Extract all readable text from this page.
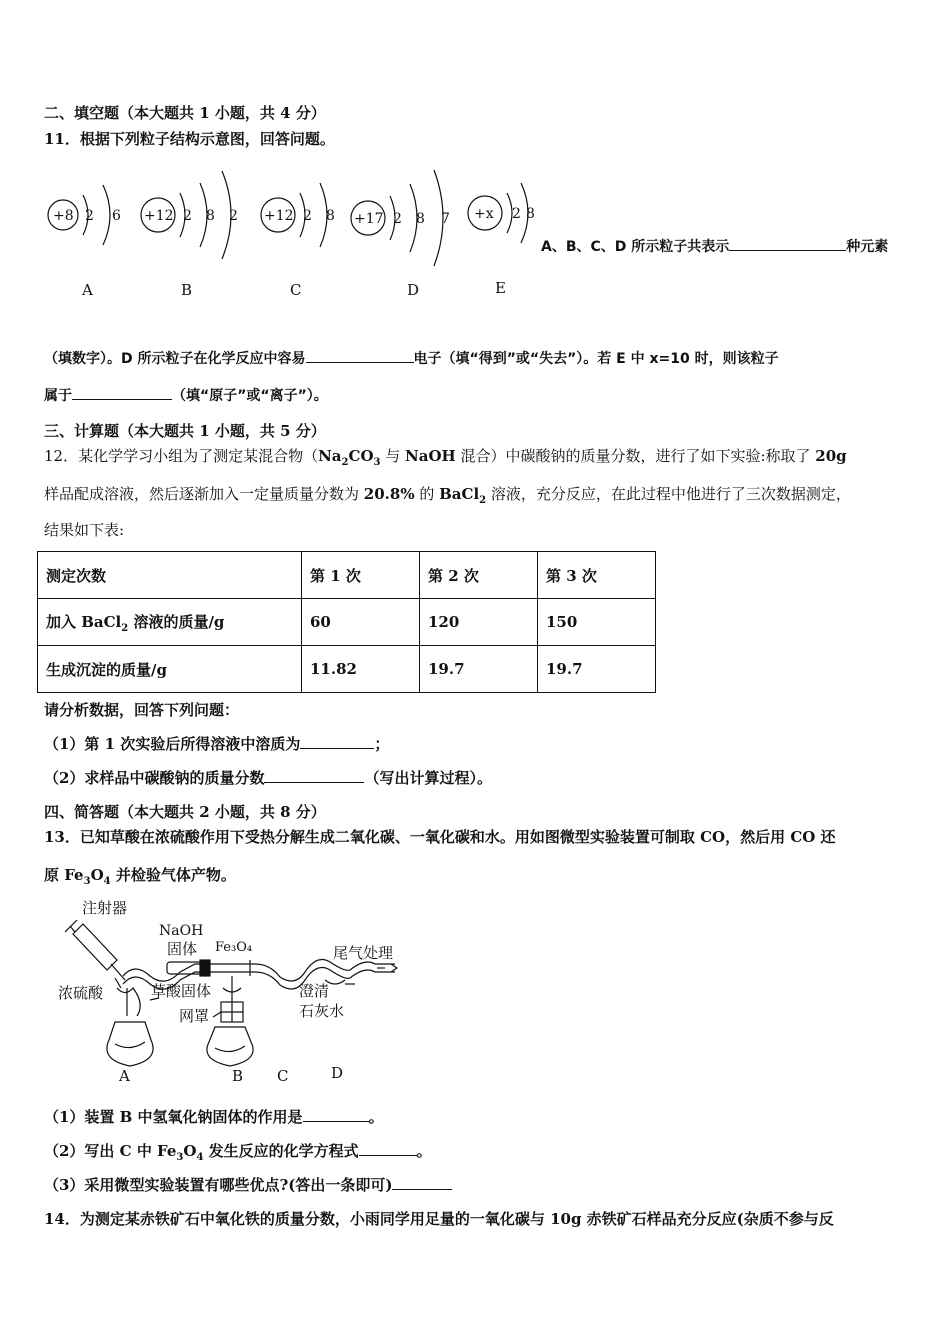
二、填空题（本大题共 1 小题，共 4 分）
11．根据下列粒子结构示意图，回答问题。
+8 2 6
A
+12 2 8 2
B
+12 2 8
C
+17 2 8 7
D
+x 2 8
E
A、B、C、D 所示粒子共表示	种元素
（填数字）。D 所示粒子在化学反应中容易	电子（填“得到”或“失去”）。若 E 中 x=10 时，则该粒子
属于	（填“原子”或“离子”）。
三、计算题（本大题共 1 小题，共 5 分）
12．某化学学习小组为了测定某混合物（$Na_2CO_3$ 与 NaOH 混合）中碳酸钠的质量分数，进行了如下实验:称取了 20g
样品配成溶液，然后逐渐加入一定量质量分数为 20.8% 的 BaCl$_2$ 溶液，充分反应，在此过程中他进行了三次数据测定，
结果如下表:
测定次数	第 1 次	第 2 次	第 3 次
加入 BaCl$_2$ 溶液的质量/g	60	120	150
生成沉淀的质量/g	11.82	19.7	19.7
请分析数据，回答下列问题：
（1）第 1 次实验后所得溶液中溶质为	；
（2）求样品中碳酸钠的质量分数	（写出计算过程）。
四、简答题（本大题共 2 小题，共 8 分）
13．已知草酸在浓硫酸作用下受热分解生成二氧化碳、一氧化碳和水。用如图微型实验装置可制取 CO，然后用 CO 还
原 $Fe_3O_4$ 并检验气体产物。
注射器
NaOH
固体 Fe₃O₄	尾气处理
浓硫酸	草酸固体
网罩
澄清
石灰水
A	B C	D
（1）装置 B 中氢氧化钠固体的作用是	。
（2）写出 C 中 $Fe_3O_4$ 发生反应的化学方程式	。
（3）采用微型实验装置有哪些优点?(答出一条即可)
14．为测定某赤铁矿石中氧化铁的质量分数，小雨同学用足量的一氧化碳与 10g 赤铁矿石样品充分反应(杂质不参与反
